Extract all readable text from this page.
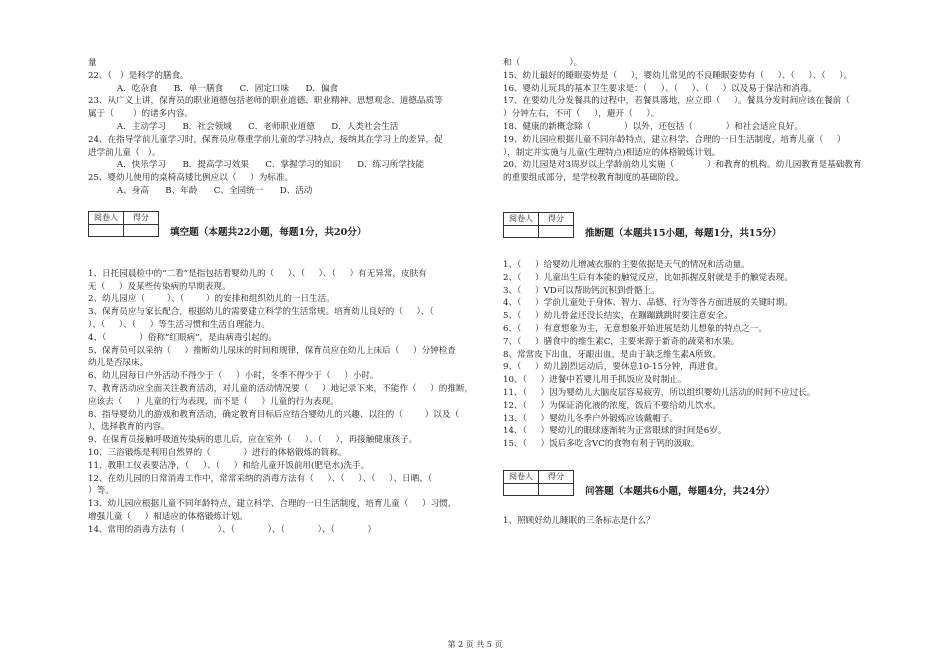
量
22、（   ）是科学的膳食。
A．吃杂食      B．单一膳食      C．固定口味      D．偏食
23、从广义上讲，保育员的职业道德包括老师的职业道德、职业精神、思想观念、道德品质等
属于（       ）的诸多内容。
A．主动学习      B．社会领域      C．老师职业道德      D．人类社会生活
24、在指导学前儿童学习时，保育员应尊重学前儿童的学习特点，接纳其在学习上的差异，促
进学前儿童（   ）。
A．快乐学习      B．提高学习效果      C．掌握学习的知识      D．练习所学技能
25、婴幼儿使用的桌椅高矮比例应以（     ）为标准。
A、身高      B、年龄      C、全园统一      D、活动
阅卷人	得分

填空题（本题共22小题，每题1分，共20分）
1、日托园晨检中的“二看”是指包括看婴幼儿的（     ）、（     ）、（     ）有无异常，皮肤有
无（     ）及某些传染病的早期表现。
2、幼儿园应（        ）、（        ）的安排和组织幼儿的一日生活。
3、保育员应与家长配合，根据幼儿的需要建立科学的生活常规。培育幼儿良好的（     ）、（
）、（     ）、（     ）等生活习惯和生活自理能力。
4、（            ）俗称“红眼病”，是由病毒引起的。
5、保育员可以采纳（     ）推断幼儿尿床的时间和规律，保育员应在幼儿上床后（     ）分钟检查
幼儿是否尿床。
6、幼儿园每日户外活动不得少于（     ）小时，冬季不得少于（     ）小时。
7、教育活动应全面关注教育活动，对儿童的活动情况要（     ）地记录下来，不能作（     ）的推断，
应该去（     ）儿童的行为表现，而不是（     ）儿童的行为表现。
8、指导婴幼儿的游戏和教育活动，确定教育目标后应结合婴幼儿的兴趣、以往的（        ）以及（
），选择教育的内容。
9、在保育员接触呼吸道传染病的患儿后，应在室外（     ）、（     ），再接触健康孩子。
10、三浴锻炼是利用自然界的（            ）进行的体格锻炼的简称。
11、教职工仪表要洁净，（     ）、（     ）和给儿童开饭前用(肥皂水)洗手。
12、在幼儿园的日常消毒工作中，常常采纳的消毒方法有（     ）、（     ）、（     ）、日晒、（
）等。
13、幼儿园应根据儿童不同年龄特点，建立科学、合理的一日生活制度，培育儿童（     ）习惯，
增强儿童（     ）相适应的体格锻炼计划。
14、常用的消毒方法有（            ）、（            ）、（            ）、（            ）
和（                  ）。
15、幼儿最好的睡眠姿势是（     ），婴幼儿常见的不良睡眠姿势有（     ）、（     ）、（     ）。
16、婴幼儿玩具的基本卫生要求是：（     ）、（     ）、（     ）以及易于保洁和消毒。
17、在要幼儿分发餐具的过程中，若餐具落地，应立即（     ）。餐具分发时间应该在餐前（
）分钟左右，不可（     ），避开（     ）。
18、健康的新概念除（            ）以外，还包括（            ）和社会适应良好。
19、幼儿园应根据儿童不同年龄特点，建立科学、合理的一日生活制度，培育儿童（     ）
），制定并实施与儿童(生理特点)相适应的体格锻炼计划。
20、幼儿园是对3周岁以上学龄前幼儿实施（            ）和教育的机构。幼儿园教育是基础教育
的重要组成部分，是学校教育制度的基础阶段。
阅卷人	得分

推断题（本题共15小题，每题1分，共15分）
1、（     ）给婴幼儿增减衣服的主要依据是天气的情况和活动量。
2、（     ）儿童出生后有本能的触觉反应，比如抓握反射就是手的触觉表现。
3、（     ）VD可以帮助钙沉积到骨骼上。
4、（     ）学前儿童处于身体、智力、品德、行为等各方面进展的关键时期。
5、（     ）幼儿骨盆还没长结实，在蹦蹦跳跳时要注意安全。
6、（     ）有意想象为主，无意想象开始进展是幼儿想象的特点之一。
7、（     ）膳食中的维生素C，主要来源于新奇的蔬菜和水果。
8、常常皮下出血，牙龈出血，是由于缺乏维生素A所致。
9、（     ）幼儿剧烈运动后，要休息10-15分钟，再进食。
10、（     ）进餐中若婴儿用手抓饭应及时制止。
11、（     ）因为婴幼儿大脑皮层容易疲劳，所以组织婴幼儿活动的时间不应过长。
12、（     ）为保证消化液的浓度，饭后不要给幼儿饮水。
13、（     ）婴幼儿冬季户外锻炼应该戴帽子。
14、（     ）婴幼儿的眼球逐渐转为正常眼球的时间是6岁。
15、（     ）饭后多吃含VC的食物有利于钙的汲取。
阅卷人	得分

问答题（本题共6小题，每题4分，共24分）
1、照顾好幼儿睡眠的三条标志是什么？
第 2 页 共 5 页
